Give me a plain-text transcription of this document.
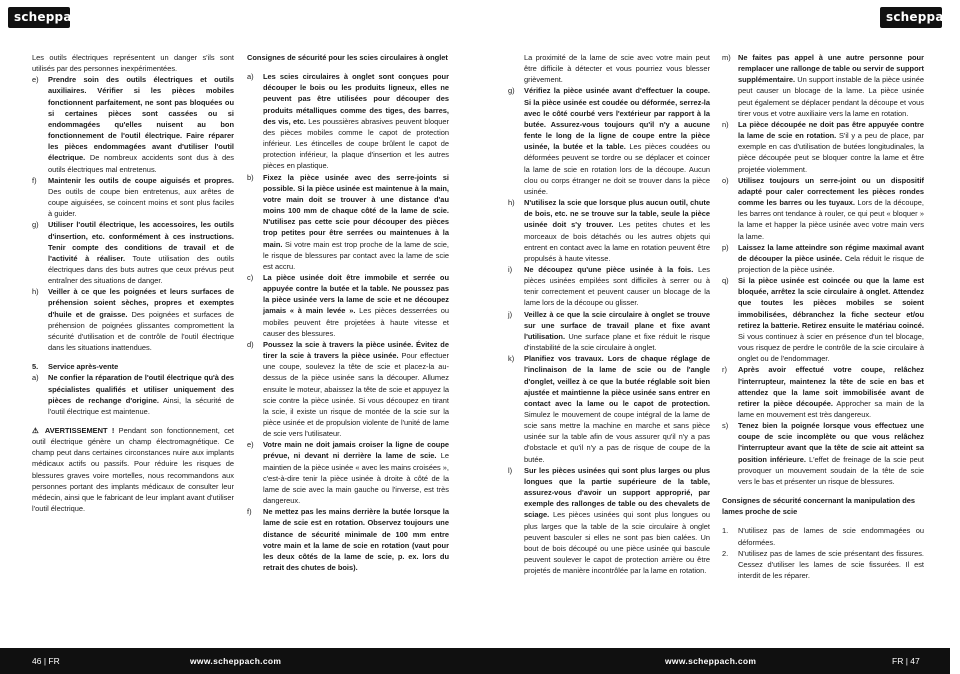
scheppach	scheppach
Les outils électriques représentent un danger s'ils sont utilisés par des personnes inexpérimentées.
e) Prendre soin des outils électriques et outils auxiliaires. Vérifier si les pièces mobiles fonctionnent parfaitement, ne sont pas bloquées ou si certaines pièces sont cassées ou si endommagées qu'elles nuisent au bon fonctionnement de l'outil électrique. Faire réparer les pièces endommagées avant d'utiliser l'outil électrique. De nombreux accidents sont dus à des outils électriques mal entretenus.
f) Maintenir les outils de coupe aiguisés et propres. Des outils de coupe bien entretenus, aux arêtes de coupe aiguisées, se coincent moins et sont plus faciles à guider.
g) Utiliser l'outil électrique, les accessoires, les outils d'insertion, etc. conformément à ces instructions. Tenir compte des conditions de travail et de l'activité à réaliser. Toute utilisation des outils électriques dans des buts autres que ceux prévus peut entraîner des situations de danger.
h) Veiller à ce que les poignées et leurs surfaces de préhension soient sèches, propres et exemptes d'huile et de graisse. Des poignées et surfaces de préhension de poignées glissantes compromettent la sécurité d'utilisation et de contrôle de l'outil électrique dans les situations inattendues.
5. Service après-vente
a) Ne confier la réparation de l'outil électrique qu'à des spécialistes qualifiés et utiliser uniquement des pièces de rechange d'origine. Ainsi, la sécurité de l'outil électrique est maintenue.
⚠ AVERTISSEMENT ! Pendant son fonctionnement, cet outil électrique génère un champ électromagnétique. Ce champ peut dans certaines circonstances nuire aux implants médicaux actifs ou passifs. Pour réduire les risques de blessures graves voire mortelles, nous recommandons aux personnes portant des implants médicaux de consulter leur médecin, ainsi que le fabricant de leur implant avant d'utiliser l'outil électrique.
Consignes de sécurité pour les scies circulaires à onglet
a) Les scies circulaires à onglet sont conçues pour découper le bois ou les produits ligneux, elles ne peuvent pas être utilisées pour découper des produits métalliques comme des tiges, des barres, des vis, etc. Les poussières abrasives peuvent bloquer des pièces mobiles comme le capot de protection inférieur. Les étincelles de coupe brûlent le capot de protection inférieur, la plaque d'insertion et les autres pièces en plastique.
b) Fixez la pièce usinée avec des serre-joints si possible. Si la pièce usinée est maintenue à la main, votre main doit se trouver à une distance d'au moins 100 mm de chaque côté de la lame de scie. N'utilisez pas cette scie pour découper des pièces trop petites pour être serrées ou maintenues à la main. Si votre main est trop proche de la lame de scie, le risque de blessures par contact avec la lame de scie est accru.
c) La pièce usinée doit être immobile et serrée ou appuyée contre la butée et la table. Ne poussez pas la pièce usinée vers la lame de scie et ne découpez jamais « à main levée ». Les pièces desserrées ou mobiles peuvent être projetées à haute vitesse et causer des blessures.
d) Poussez la scie à travers la pièce usinée. Évitez de tirer la scie à travers la pièce usinée. Pour effectuer une coupe, soulevez la tête de scie et placez-la au-dessus de la pièce usinée sans la découper. Allumez ensuite le moteur, abaissez la tête de scie et appuyez la scie contre la pièce usinée. Si vous découpez en tirant la scie, il existe un risque de montée de la scie sur la pièce usinée et de propulsion violente de l'unité de lame de scie vers l'utilisateur.
e) Votre main ne doit jamais croiser la ligne de coupe prévue, ni devant ni derrière la lame de scie. Le maintien de la pièce usinée « avec les mains croisées », c'est-à-dire tenir la pièce usinée à droite à côté de la lame de scie avec la main gauche ou l'inverse, est très dangereux.
f) Ne mettez pas les mains derrière la butée lorsque la lame de scie est en rotation. Observez toujours une distance de sécurité minimale de 100 mm entre votre main et la lame de scie en rotation (vaut pour les deux côtés de la lame de scie, p. ex. lors du retrait des chutes de bois).
La proximité de la lame de scie avec votre main peut être difficile à détecter et vous pourriez vous blesser grièvement.
g) Vérifiez la pièce usinée avant d'effectuer la coupe. Si la pièce usinée est coudée ou déformée, serrez-la avec le côté courbé vers l'extérieur par rapport à la butée. Assurez-vous toujours qu'il n'y a aucune fente le long de la ligne de coupe entre la pièce usinée, la butée et la table. Les pièces coudées ou déformées peuvent se tordre ou se déplacer et coincer la lame de scie en rotation lors de la découpe. Aucun clou ou corps étranger ne doit se trouver dans la pièce usinée.
h) N'utilisez la scie que lorsque plus aucun outil, chute de bois, etc. ne se trouve sur la table, seule la pièce usinée doit s'y trouver. Les petites chutes et les morceaux de bois détachés ou les autres objets qui entrent en contact avec la lame en rotation peuvent être propulsés à haute vitesse.
i) Ne découpez qu'une pièce usinée à la fois. Les pièces usinées empilées sont difficiles à serrer ou à tenir correctement et peuvent causer un blocage de la lame lors de la découpe ou glisser.
j) Veillez à ce que la scie circulaire à onglet se trouve sur une surface de travail plane et fixe avant l'utilisation. Une surface plane et fixe réduit le risque d'instabilité de la scie circulaire à onglet.
k) Planifiez vos travaux. Lors de chaque réglage de l'inclinaison de la lame de scie ou de l'angle d'onglet, veillez à ce que la butée réglable soit bien ajustée et maintienne la pièce usinée sans entrer en contact avec la lame ou le capot de protection. Simulez le mouvement de coupe intégral de la lame de scie sans mettre la machine en marche et sans pièce usinée sur la table afin de vous assurer qu'il n'y a pas d'obstacle et qu'il n'y a pas de risque de coupe de la butée.
l) Sur les pièces usinées qui sont plus larges ou plus longues que la partie supérieure de la table, assurez-vous d'avoir un support approprié, par exemple des rallonges de table ou des chevalets de sciage. Les pièces usinées qui sont plus longues ou plus larges que la table de la scie circulaire à onglet peuvent basculer si elles ne sont pas bien calées. Un bout de bois découpé ou une pièce usinée qui bascule peuvent soulever le capot de protection arrière ou être projetés de manière incontrôlée par la lame en rotation.
m) Ne faites pas appel à une autre personne pour remplacer une rallonge de table ou servir de support supplémentaire. Un support instable de la pièce usinée peut causer un blocage de la lame. La pièce usinée peut également se déplacer pendant la découpe et vous tirer vous et votre auxiliaire vers la lame en rotation.
n) La pièce découpée ne doit pas être appuyée contre la lame de scie en rotation. S'il y a peu de place, par exemple en cas d'utilisation de butées longitudinales, la pièce découpée peut se bloquer contre la lame et être projetée violemment.
o) Utilisez toujours un serre-joint ou un dispositif adapté pour caler correctement les pièces rondes comme les barres ou les tuyaux. Lors de la découpe, les barres ont tendance à rouler, ce qui peut « bloquer » la lame et happer la pièce usinée avec votre main vers la lame.
p) Laissez la lame atteindre son régime maximal avant de découper la pièce usinée. Cela réduit le risque de projection de la pièce usinée.
q) Si la pièce usinée est coincée ou que la lame est bloquée, arrêtez la scie circulaire à onglet. Attendez que toutes les pièces mobiles se soient immobilisées, débranchez la fiche secteur et/ou retirez la batterie. Retirez ensuite le matériau coincé. Si vous continuez à scier en présence d'un tel blocage, vous risquez de perdre le contrôle de la scie circulaire à onglet ou de l'endommager.
r) Après avoir effectué votre coupe, relâchez l'interrupteur, maintenez la tête de scie en bas et attendez que la lame soit immobilisée avant de retirer la pièce découpée. Approcher sa main de la lame en mouvement est très dangereux.
s) Tenez bien la poignée lorsque vous effectuez une coupe de scie incomplète ou que vous relâchez l'interrupteur avant que la tête de scie ait atteint sa position inférieure. L'effet de freinage de la scie peut provoquer un mouvement soudain de la tête de scie vers le bas et présenter un risque de blessures.
Consignes de sécurité concernant la manipulation des lames proche de scie
1. N'utilisez pas de lames de scie endommagées ou déformées.
2. N'utilisez pas de lames de scie présentant des fissures. Cessez d'utiliser les lames de scie fissurées. Il est interdit de les réparer.
46 | FR	www.scheppach.com	www.scheppach.com	FR | 47
